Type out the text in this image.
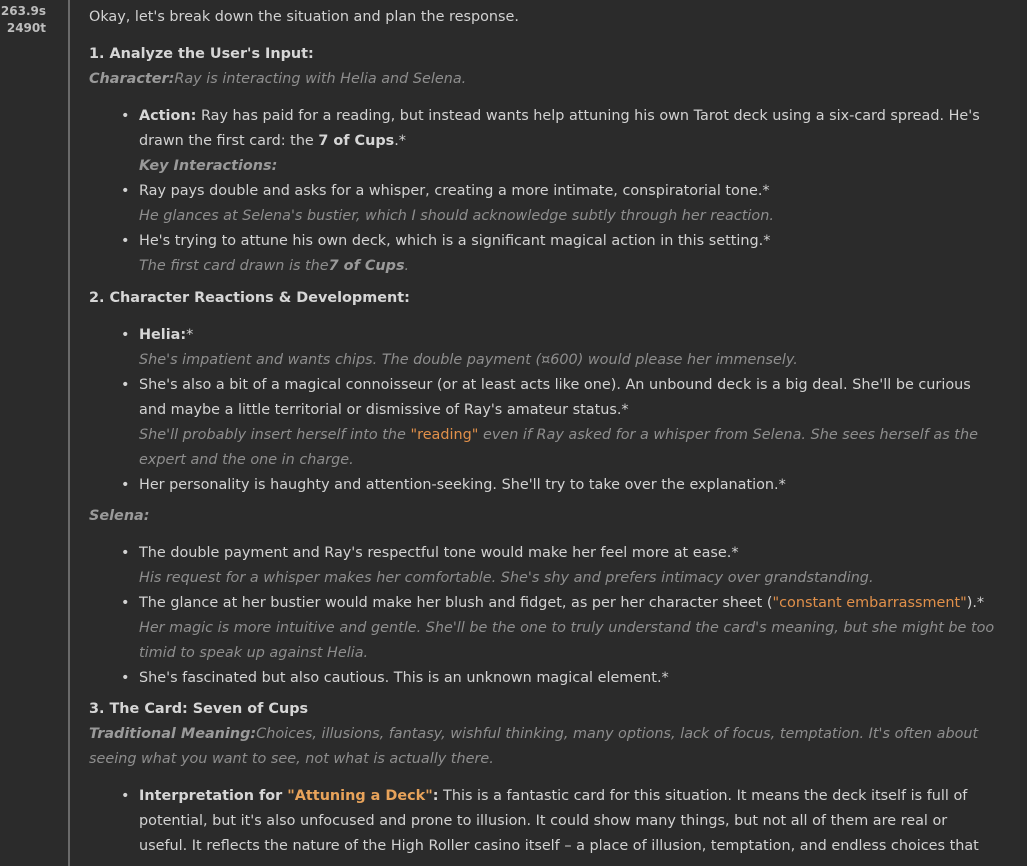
263.9s
2490t

Okay, let's break down the situation and plan the response.

1. Analyze the User's Input:

Character:Ray is interacting with Helia and Selena.

• Action: Ray has paid for a reading, but instead wants help attuning his own Tarot deck using a six-card spread. He's drawn the first card: the 7 of Cups.*
Key Interactions:
• Ray pays double and asks for a whisper, creating a more intimate, conspiratorial tone.*
He glances at Selena's bustier, which I should acknowledge subtly through her reaction.
• He's trying to attune his own deck, which is a significant magical action in this setting.*
The first card drawn is the7 of Cups.

2. Character Reactions & Development:

• Helia:*
She's impatient and wants chips. The double payment (¤600) would please her immensely.
• She's also a bit of a magical connoisseur (or at least acts like one). An unbound deck is a big deal. She'll be curious and maybe a little territorial or dismissive of Ray's amateur status.*
She'll probably insert herself into the "reading" even if Ray asked for a whisper from Selena. She sees herself as the expert and the one in charge.
• Her personality is haughty and attention-seeking. She'll try to take over the explanation.*

Selena:

• The double payment and Ray's respectful tone would make her feel more at ease.*
His request for a whisper makes her comfortable. She's shy and prefers intimacy over grandstanding.
• The glance at her bustier would make her blush and fidget, as per her character sheet ("constant embarrassment").*
Her magic is more intuitive and gentle. She'll be the one to truly understand the card's meaning, but she might be too timid to speak up against Helia.
• She's fascinated but also cautious. This is an unknown magical element.*

3. The Card: Seven of Cups

Traditional Meaning:Choices, illusions, fantasy, wishful thinking, many options, lack of focus, temptation. It's often about seeing what you want to see, not what is actually there.

• Interpretation for "Attuning a Deck": This is a fantastic card for this situation. It means the deck itself is full of potential, but it's also unfocused and prone to illusion. It could show many things, but not all of them are real or useful. It reflects the nature of the High Roller casino itself – a place of illusion, temptation, and endless choices that
